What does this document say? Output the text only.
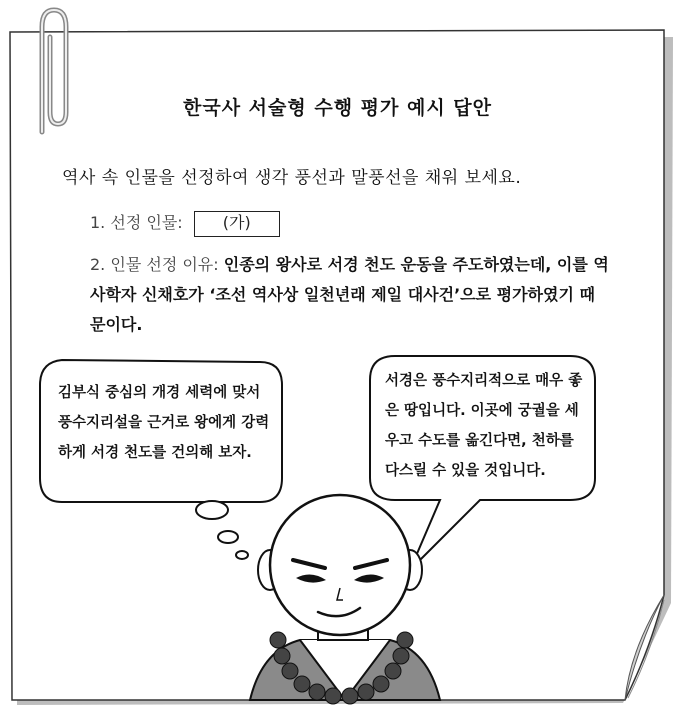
한국사 서술형 수행 평가 예시 답안
역사 속 인물을 선정하여 생각 풍선과 말풍선을 채워 보세요.
1. 선정 인물:	(가)
2. 인물 선정 이유: 인종의 왕사로 서경 천도 운동을 주도하였는데, 이를 역사학자 신채호가 ‘조선 역사상 일천년래 제일 대사건’으로 평가하였기 때문이다.
김부식 중심의 개경 세력에 맞서 풍수지리설을 근거로 왕에게 강력하게 서경 천도를 건의해 보자.
서경은 풍수지리적으로 매우 좋은 땅입니다. 이곳에 궁궐을 세우고 수도를 옮긴다면, 천하를 다스릴 수 있을 것입니다.
